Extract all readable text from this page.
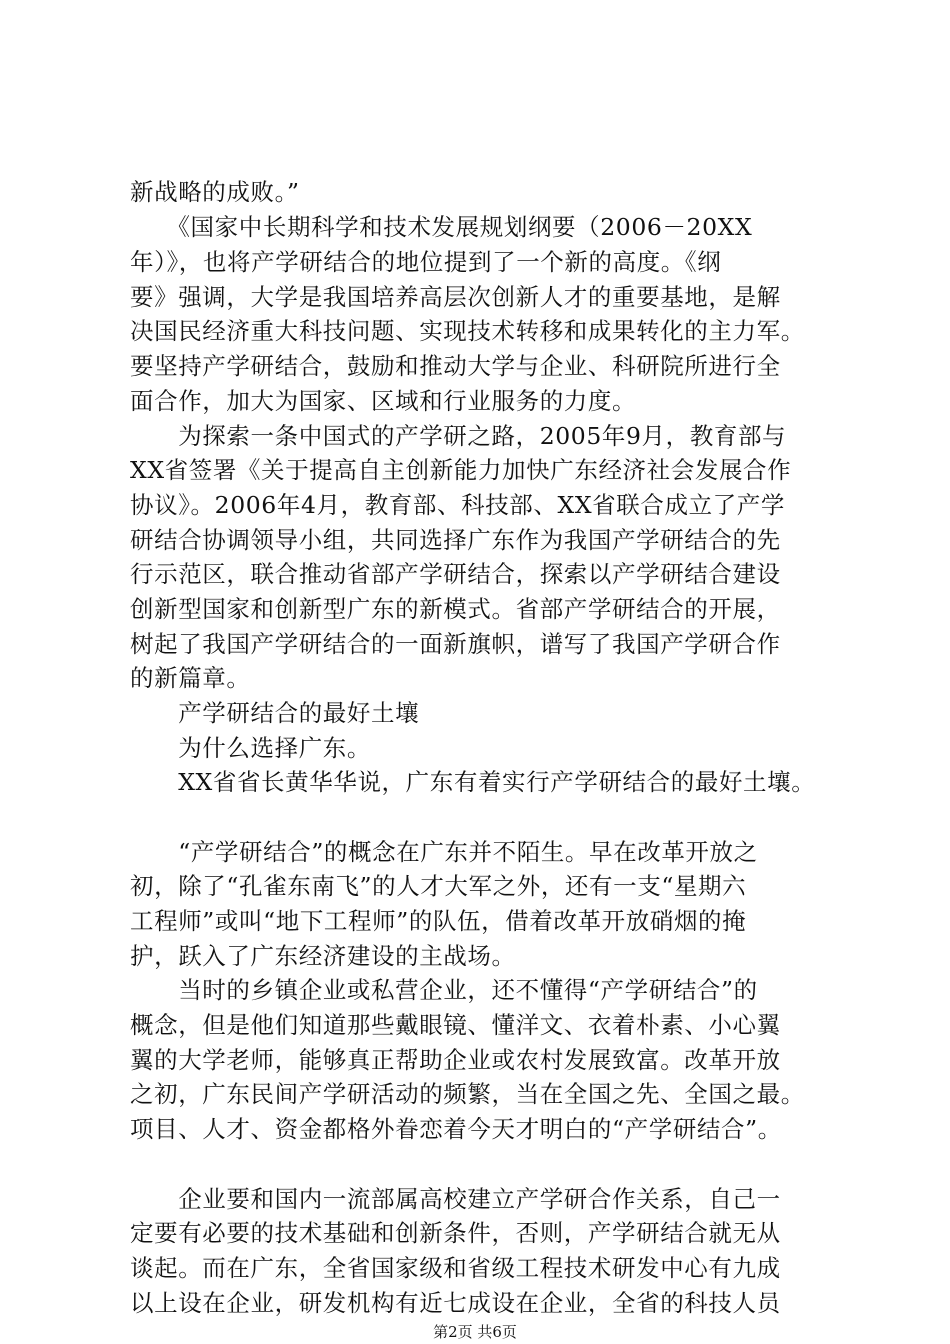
新战略的成败。”
　　《国家中长期科学和技术发展规划纲要（2006－20XX
年）》，也将产学研结合的地位提到了一个新的高度。《纲
要》强调，大学是我国培养高层次创新人才的重要基地，是解
决国民经济重大科技问题、实现技术转移和成果转化的主力军。
要坚持产学研结合，鼓励和推动大学与企业、科研院所进行全
面合作，加大为国家、区域和行业服务的力度。
　　为探索一条中国式的产学研之路，2005年9月，教育部与
XX省签署《关于提高自主创新能力加快广东经济社会发展合作
协议》。2006年4月，教育部、科技部、XX省联合成立了产学
研结合协调领导小组，共同选择广东作为我国产学研结合的先
行示范区，联合推动省部产学研结合，探索以产学研结合建设
创新型国家和创新型广东的新模式。省部产学研结合的开展，
树起了我国产学研结合的一面新旗帜，谱写了我国产学研合作
的新篇章。
　　产学研结合的最好土壤
　　为什么选择广东。
　　XX省省长黄华华说，广东有着实行产学研结合的最好土壤。
　　“产学研结合”的概念在广东并不陌生。早在改革开放之
初，除了“孔雀东南飞”的人才大军之外，还有一支“星期六
工程师”或叫“地下工程师”的队伍，借着改革开放硝烟的掩
护，跃入了广东经济建设的主战场。
　　当时的乡镇企业或私营企业，还不懂得“产学研结合”的
概念，但是他们知道那些戴眼镜、懂洋文、衣着朴素、小心翼
翼的大学老师，能够真正帮助企业或农村发展致富。改革开放
之初，广东民间产学研活动的频繁，当在全国之先、全国之最。
项目、人才、资金都格外眷恋着今天才明白的“产学研结合”。
　　企业要和国内一流部属高校建立产学研合作关系，自己一
定要有必要的技术基础和创新条件，否则，产学研结合就无从
谈起。而在广东，全省国家级和省级工程技术研发中心有九成
以上设在企业，研发机构有近七成设在企业，全省的科技人员
第2页 共6页
